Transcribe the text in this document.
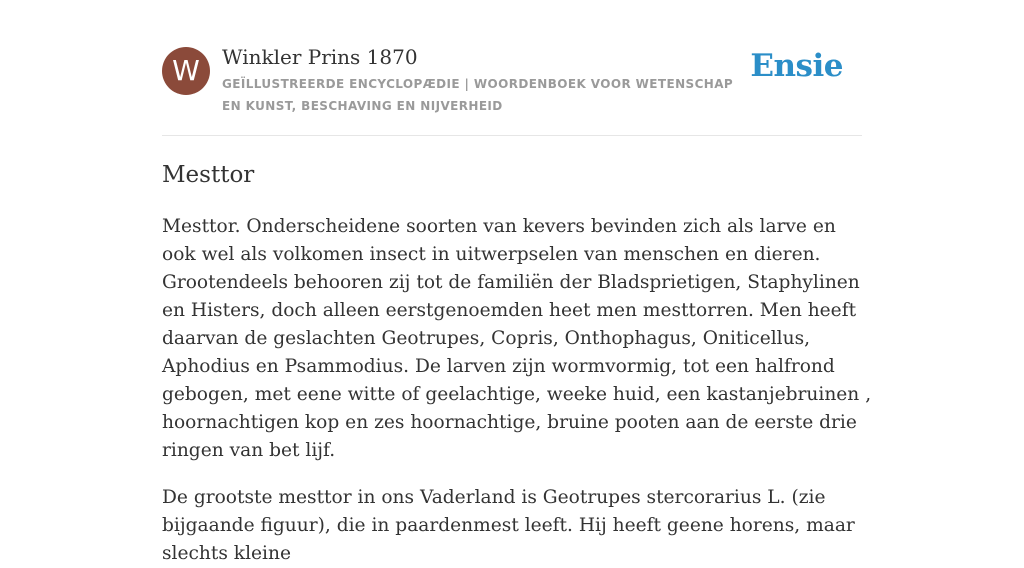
W	Winkler Prins 1870
GEÏLLUSTREERDE ENCYCLOPÆDIE | WOORDENBOEK VOOR WETENSCHAP EN KUNST, BESCHAVING EN NIJVERHEID
Ensie
Mesttor

Mesttor. Onderscheidene soorten van kevers bevinden zich als larve en ook wel als volkomen insect in uitwerpselen van menschen en dieren. Grootendeels behooren zij tot de familiën der Bladsprietigen, Staphylinen en Histers, doch alleen eerstgenoemden heet men mesttorren. Men heeft daarvan de geslachten Geotrupes, Copris, Onthophagus, Oniticellus, Aphodius en Psammodius. De larven zijn wormvormig, tot een halfrond gebogen, met eene witte of geelachtige, weeke huid, een kastanjebruinen , hoornachtigen kop en zes hoornachtige, bruine pooten aan de eerste drie ringen van bet lijf.

De grootste mesttor in ons Vaderland is Geotrupes stercorarius L. (zie bijgaande figuur), die in paardenmest leeft. Hij heeft geene horens, maar slechts kleine
